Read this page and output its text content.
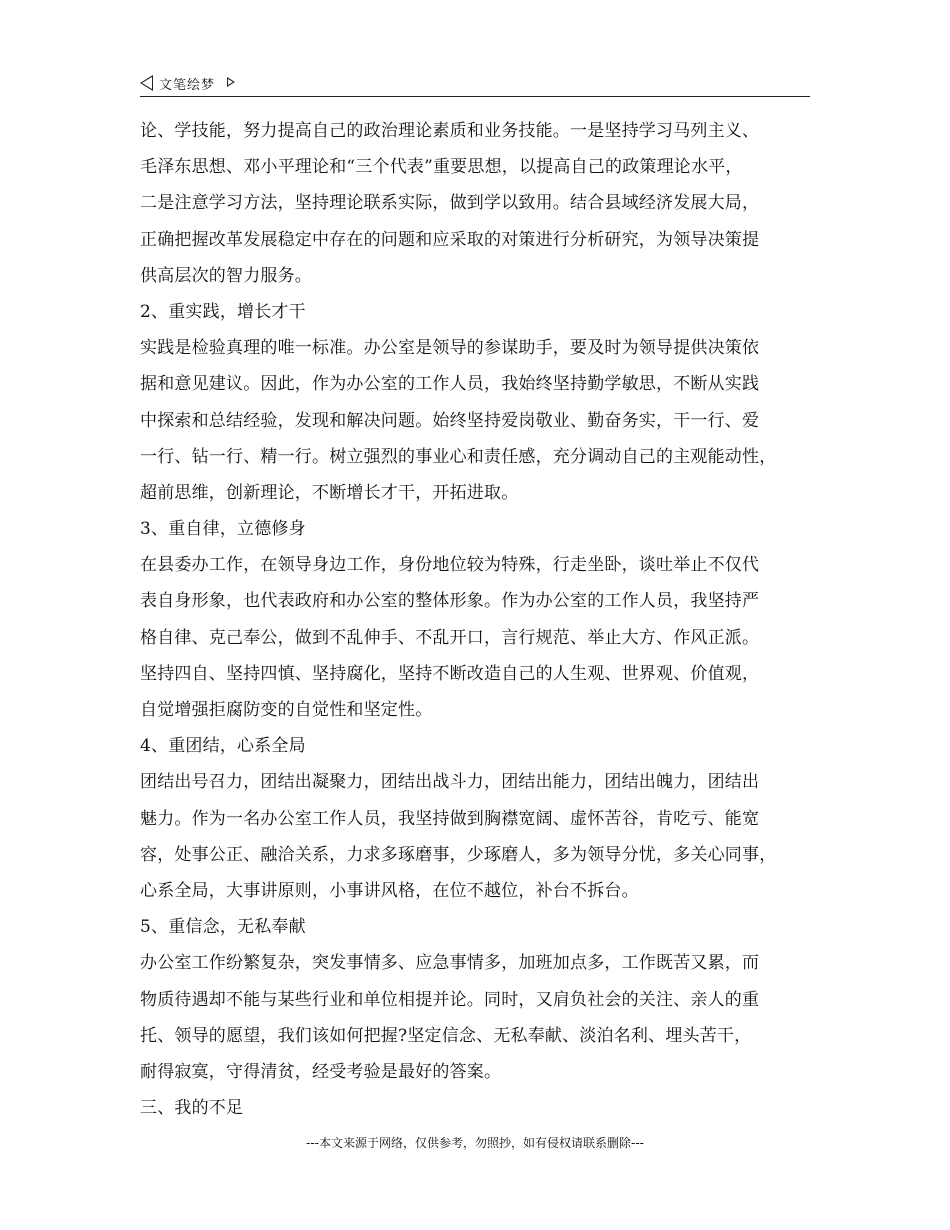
文笔绘梦
论、学技能，努力提高自己的政治理论素质和业务技能。一是坚持学习马列主义、
毛泽东思想、邓小平理论和“三个代表”重要思想，以提高自己的政策理论水平，
二是注意学习方法，坚持理论联系实际，做到学以致用。结合县域经济发展大局，
正确把握改革发展稳定中存在的问题和应采取的对策进行分析研究，为领导决策提
供高层次的智力服务。
2、重实践，增长才干
实践是检验真理的唯一标准。办公室是领导的参谋助手，要及时为领导提供决策依
据和意见建议。因此，作为办公室的工作人员，我始终坚持勤学敏思，不断从实践
中探索和总结经验，发现和解决问题。始终坚持爱岗敬业、勤奋务实，干一行、爱
一行、钻一行、精一行。树立强烈的事业心和责任感，充分调动自己的主观能动性，
超前思维，创新理论，不断增长才干，开拓进取。
3、重自律，立德修身
在县委办工作，在领导身边工作，身份地位较为特殊，行走坐卧，谈吐举止不仅代
表自身形象，也代表政府和办公室的整体形象。作为办公室的工作人员，我坚持严
格自律、克己奉公，做到不乱伸手、不乱开口，言行规范、举止大方、作风正派。
坚持四自、坚持四慎、坚持腐化，坚持不断改造自己的人生观、世界观、价值观，
自觉增强拒腐防变的自觉性和坚定性。
4、重团结，心系全局
团结出号召力，团结出凝聚力，团结出战斗力，团结出能力，团结出魄力，团结出
魅力。作为一名办公室工作人员，我坚持做到胸襟宽阔、虚怀苦谷，肯吃亏、能宽
容，处事公正、融洽关系，力求多琢磨事，少琢磨人，多为领导分忧，多关心同事，
心系全局，大事讲原则，小事讲风格，在位不越位，补台不拆台。
5、重信念，无私奉献
办公室工作纷繁复杂，突发事情多、应急事情多，加班加点多，工作既苦又累，而
物质待遇却不能与某些行业和单位相提并论。同时，又肩负社会的关注、亲人的重
托、领导的愿望，我们该如何把握?坚定信念、无私奉献、淡泊名利、埋头苦干，
耐得寂寞，守得清贫，经受考验是最好的答案。
三、我的不足
---本文来源于网络，仅供参考，勿照抄，如有侵权请联系删除---
